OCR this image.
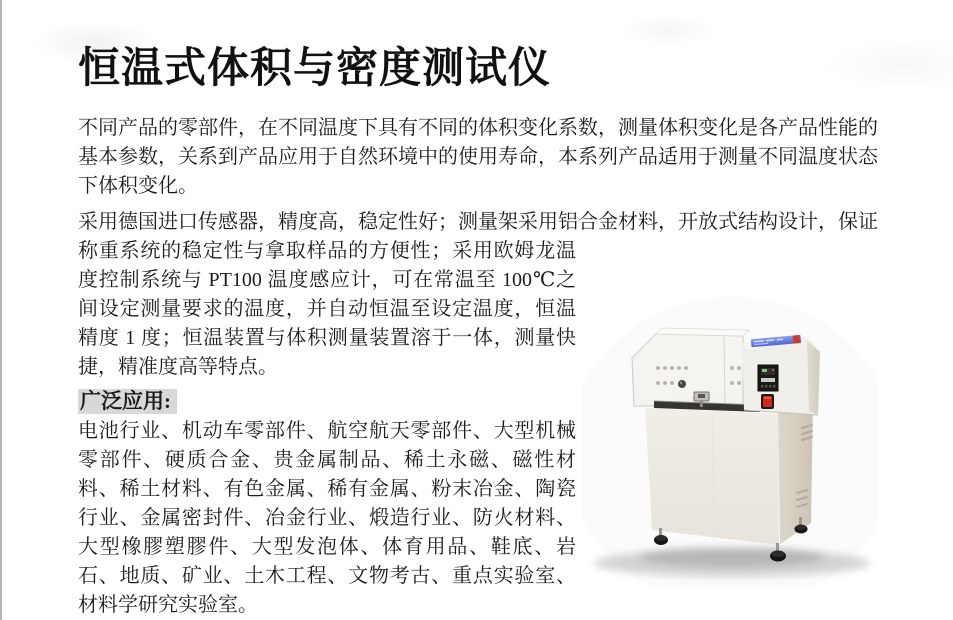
恒温式体积与密度测试仪

不同产品的零部件，在不同温度下具有不同的体积变化系数，测量体积变化是各产品性能的基本参数，关系到产品应用于自然环境中的使用寿命，本系列产品适用于测量不同温度状态下体积变化。

采用德国进口传感器，精度高，稳定性好；测量架采用铝合金材料，开放式结构设计，保证称重系统的稳定性与拿取样品的方便性；采用欧姆龙温度控制系统与 PT100 温度感应计，可在常温至 100℃之间设定测量要求的温度，并自动恒温至设定温度，恒温精度 1 度；恒温装置与体积测量装置溶于一体，测量快捷，精准度高等特点。

广泛应用:

电池行业、机动车零部件、航空航天零部件、大型机械零部件、硬质合金、贵金属制品、稀土永磁、磁性材料、稀土材料、有色金属、稀有金属、粉末冶金、陶瓷行业、金属密封件、冶金行业、煅造行业、防火材料、大型橡膠塑膠件、大型发泡体、体育用品、鞋底、岩石、地质、矿业、土木工程、文物考古、重点实验室、材料学研究实验室。
